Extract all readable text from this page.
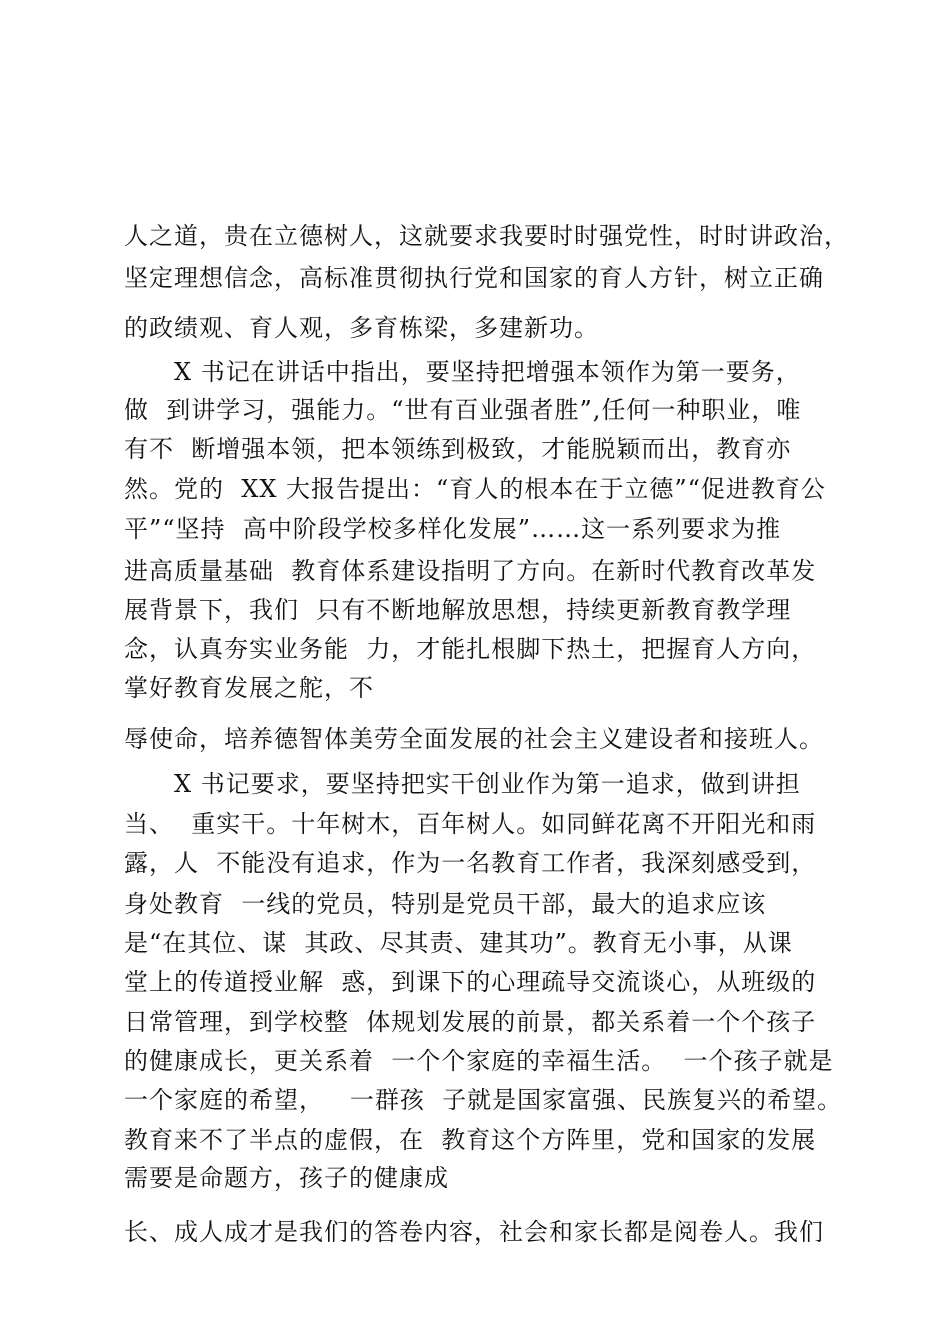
人之道，贵在立德树人，这就要求我要时时强党性，时时讲政治，
坚定理想信念，高标准贯彻执行党和国家的育人方针，树立正确
的政绩观、育人观，多育栋梁，多建新功。
X 书记在讲话中指出，要坚持把增强本领作为第一要务，
做  到讲学习，强能力。“世有百业强者胜”,任何一种职业，唯
有不  断增强本领，把本领练到极致，才能脱颖而出，教育亦
然。党的  XX 大报告提出：“育人的根本在于立德”“促进教育公
平”“坚持  高中阶段学校多样化发展”……这一系列要求为推
进高质量基础  教育体系建设指明了方向。在新时代教育改革发
展背景下，我们  只有不断地解放思想，持续更新教育教学理
念，认真夯实业务能  力，才能扎根脚下热土，把握育人方向，
掌好教育发展之舵，不
辱使命，培养德智体美劳全面发展的社会主义建设者和接班人。
X 书记要求，要坚持把实干创业作为第一追求，做到讲担
当、  重实干。十年树木，百年树人。如同鲜花离不开阳光和雨
露，人  不能没有追求，作为一名教育工作者，我深刻感受到，
身处教育  一线的党员，特别是党员干部，最大的追求应该
是“在其位、谋  其政、尽其责、建其功”。教育无小事，从课
堂上的传道授业解  惑，到课下的心理疏导交流谈心，从班级的
日常管理，到学校整  体规划发展的前景，都关系着一个个孩子
的健康成长，更关系着  一个个家庭的幸福生活。  一个孩子就是
一个家庭的希望，   一群孩  子就是国家富强、民族复兴的希望。
教育来不了半点的虚假，在  教育这个方阵里，党和国家的发展
需要是命题方，孩子的健康成
长、成人成才是我们的答卷内容，社会和家长都是阅卷人。我们
